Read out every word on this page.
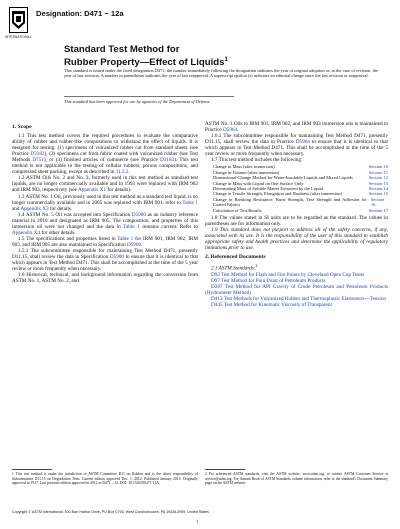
INTERNATIONAL
Designation: D471 − 12a
Standard Test Method for
Rubber Property—Effect of Liquids$^1$
This standard is issued under the fixed designation D471; the number immediately following the designation indicates the year of original adoption or, in the case of revision, the year of last revision. A number in parentheses indicates the year of last reapproval. A superscript epsilon (ε) indicates an editorial change since the last revision or reapproval.
This standard has been approved for use by agencies of the Department of Defense

1. Scope

1.1 This test method covers the required procedures to evaluate the comparative ability of rubber and rubber-like compositions to withstand the effect of liquids. It is designed for testing: (1) specimens of vulcanized rubber cut from standard sheets (see Practice D3182), (2) specimens cut from fabric coated with vulcanized rubber (see Test Methods D751), or (3) finished articles of commerce (see Practice D3183). This test method is not applicable to the testing of cellular rubbers, porous compositions, and compressed sheet packing, except as described in 11.2.2.

1.2 ASTM Oils No. 2 and No. 3, formerly used in this test method as standard test liquids, are no longer commercially available and in 1993 were replaced with IRM 902 and IRM 903, respectively (see Appendix X1 for details).

1.3 ASTM No. 1 Oil, previously used in this test method as a standard test liquid, is no longer commercially available and in 2005 was replaced with IRM 901; refer to Table 1 and Appendix X3 for details.

1.4 ASTM No. 5 Oil was accepted into Specification D5900 as an industry reference material in 2010 and designated as IRM 905. The composition, and properties of this immersion oil were not changed and the data in Table 1 remains current. Refer to Appendix X4 for other details.

1.5 The specifications and properties listed in Table 1 for IRM 901, IRM 902, IRM 903, and IRM 905 are also maintained in Specification D5900.

1.5.1 The subcommittee responsible for maintaining Test Method D471, presently D11.15, shall review the data in Specification D5900 to ensure that it is identical to that which appears in Test Method D471. This shall be accomplished at the time of the 5 year review or more frequently when necessary.

1.6 Historical, technical, and background information regarding the conversion from ASTM No. 1, ASTM No. 2, and

ASTM No. 3 Oils to IRM 901, IRM 902, and IRM 903 immersion oils is maintained in Practice D5964.

1.6.1 The subcommittee responsible for maintaining Test Method D471, presently D11.15, shall review the data in Practice D5964 to ensure that it is identical to that which appears in Test Method D471. This shall be accomplished at the time of the 5 year review or more frequently when necessary.

1.7 This test method includes the following:

Change in Mass (after immersion)	Section 10
Change in Volume (after immersion)	Section 11
Dimensional-Change Method for Water-Insoluble Liquids and Mixed Liquids	Section 12
Change in Mass with Liquid on One Surface Only	Section 13
Determining Mass of Soluble Matter Extracted by the Liquid	Section 14
Change in Tensile Strength, Elongation and Hardness (after immersion)	Section 15
Change in Breaking Resistance, Burst Strength, Tear Strength and Adhesion for Coated Fabrics
Section 16
Calculation of Test Results	Section 17

1.8 The values stated in SI units are to be regarded as the standard. The values in parentheses are for information only.

1.9 This standard does not purport to address all of the safety concerns, if any, associated with its use. It is the responsibility of the user of this standard to establish appropriate safety and health practices and determine the applicability of regulatory limitations prior to use.

2. Referenced Documents

2.1 ASTM Standards:$^2$

D92 Test Method for Flash and Fire Points by Cleveland Open Cup Tester

D97 Test Method for Pour Point of Petroleum Products

D287 Test Method for API Gravity of Crude Petroleum and Petroleum Products (Hydrometer Method)

D412 Test Methods for Vulcanized Rubber and Thermoplastic Elastomers—Tension

D445 Test Method for Kinematic Viscosity of Transparent

1 This test method is under the jurisdiction of ASTM Committee D11 on Rubber and is the direct responsibility of Subcommittee D11.15 on Degradation Tests. Current edition approved Dec. 1, 2012. Published January 2013. Originally approved in 1937. Last previous edition approved in 2012 as D471 – 12. DOI: 10.1520/D0471-12A.
2 For referenced ASTM standards, visit the ASTM website, www.astm.org, or contact ASTM Customer Service at service@astm.org. For Annual Book of ASTM Standards volume information, refer to the standard's Document Summary page on the ASTM website.
Copyright © ASTM International, 100 Barr Harbor Drive, PO Box C700, West Conshohocken, PA 19428-2959. United States
1
